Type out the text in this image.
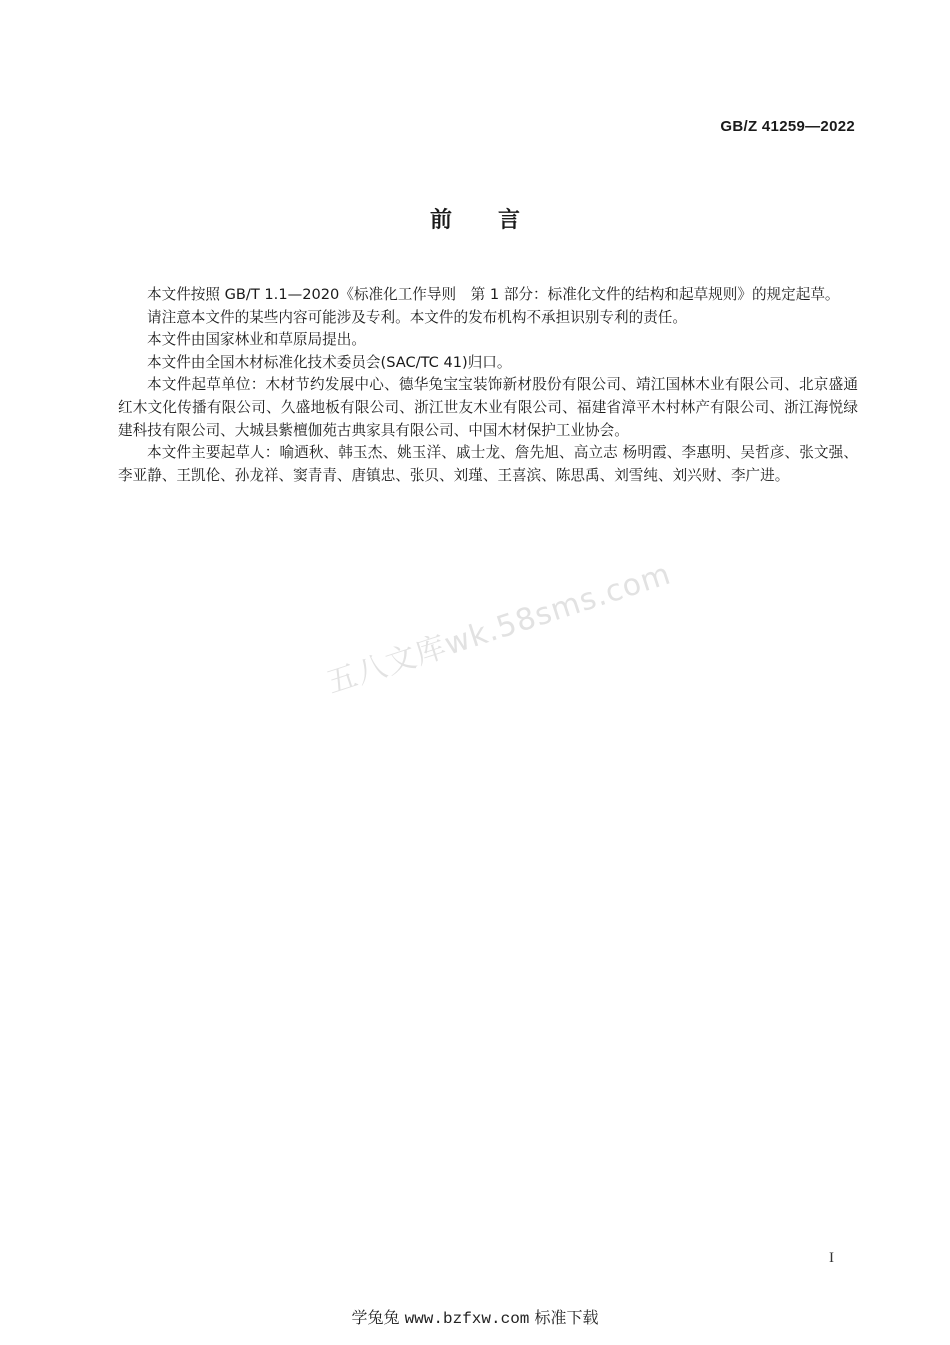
GB/Z 41259—2022
前言

本文件按照 GB/T 1.1—2020《标准化工作导则　第 1 部分：标准化文件的结构和起草规则》的规定起草。

请注意本文件的某些内容可能涉及专利。本文件的发布机构不承担识别专利的责任。

本文件由国家林业和草原局提出。

本文件由全国木材标准化技术委员会(SAC/TC 41)归口。

本文件起草单位：木材节约发展中心、德华兔宝宝装饰新材股份有限公司、靖江国林木业有限公司、北京盛通红木文化传播有限公司、久盛地板有限公司、浙江世友木业有限公司、福建省漳平木村林产有限公司、浙江海悦绿建科技有限公司、大城县紫檀伽苑古典家具有限公司、中国木材保护工业协会。

本文件主要起草人：喻迺秋、韩玉杰、姚玉洋、戚士龙、詹先旭、高立志 杨明霞、李惠明、吴哲彦、张文强、李亚静、王凯伦、孙龙祥、窦青青、唐镇忠、张贝、刘瑾、王喜滨、陈思禹、刘雪纯、刘兴财、李广进。

五八文库wk.58sms.com
I
学兔兔 www.bzfxw.com 标准下载
